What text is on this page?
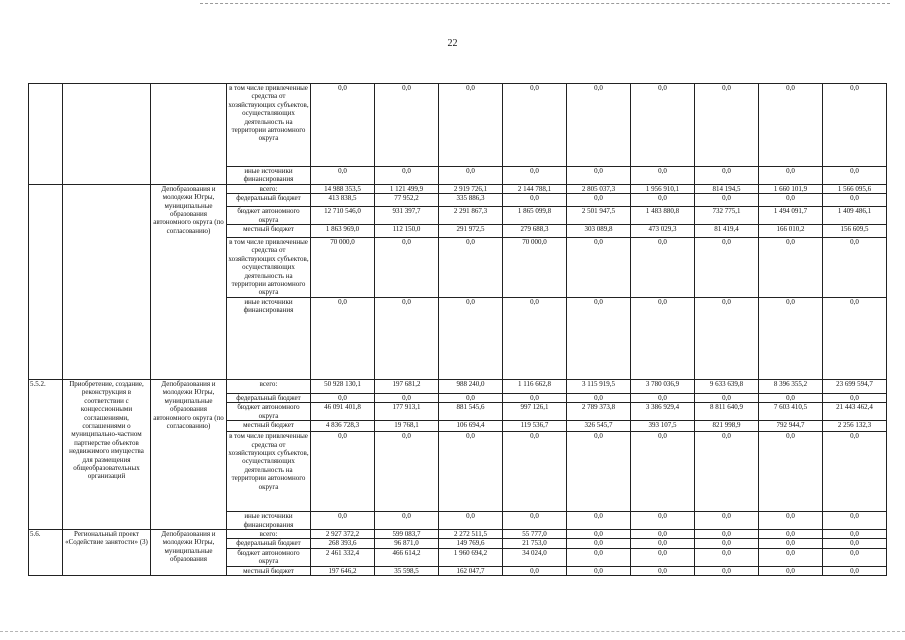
22
			в том числе привлеченные средства от хозяйствующих субъектов, осуществляющих деятельность на территории автономного округа	0,0	0,0	0,0	0,0	0,0	0,0	0,0	0,0	0,0
			иные источники финансирования	0,0	0,0	0,0	0,0	0,0	0,0	0,0	0,0	0,0
		Депобразования и молодежи Югры, муниципальные образования автономного округа (по согласованию)	всего:	14 988 353,5	1 121 499,9	2 919 726,1	2 144 788,1	2 805 037,3	1 956 910,1	814 194,5	1 660 101,9	1 566 095,6
			федеральный бюджет	413 838,5	77 952,2	335 886,3	0,0	0,0	0,0	0,0	0,0	0,0
			бюджет автономного округа	12 710 546,0	931 397,7	2 291 867,3	1 865 099,8	2 501 947,5	1 483 880,8	732 775,1	1 494 091,7	1 409 486,1
			местный бюджет	1 863 969,0	112 150,0	291 972,5	279 688,3	303 089,8	473 029,3	81 419,4	166 010,2	156 609,5
			в том числе привлеченные средства от хозяйствующих субъектов, осуществляющих деятельность на территории автономного округа	70 000,0	0,0	0,0	70 000,0	0,0	0,0	0,0	0,0	0,0
			иные источники финансирования	0,0	0,0	0,0	0,0	0,0	0,0	0,0	0,0	0,0
5.5.2.	Приобретение, создание, реконструкция в соответствии с концессионными соглашениями, соглашениями о муниципально-частном партнерстве объектов недвижимого имущества для размещения общеобразовательных организаций	Депобразования и молодежи Югры, муниципальные образования автономного округа (по согласованию)	всего:	50 928 130,1	197 681,2	988 240,0	1 116 662,8	3 115 919,5	3 780 036,9	9 633 639,8	8 396 355,2	23 699 594,7
			федеральный бюджет	0,0	0,0	0,0	0,0	0,0	0,0	0,0	0,0	0,0
			бюджет автономного округа	46 091 401,8	177 913,1	881 545,6	997 126,1	2 789 373,8	3 386 929,4	8 811 640,9	7 603 410,5	21 443 462,4
			местный бюджет	4 836 728,3	19 768,1	106 694,4	119 536,7	326 545,7	393 107,5	821 998,9	792 944,7	2 256 132,3
			в том числе привлеченные средства от хозяйствующих субъектов, осуществляющих деятельность на территории автономного округа	0,0	0,0	0,0	0,0	0,0	0,0	0,0	0,0	0,0
			иные источники финансирования	0,0	0,0	0,0	0,0	0,0	0,0	0,0	0,0	0,0
5.6.	Региональный проект «Содействие занятости» (3)	Депобразования и молодежи Югры, муниципальные образования	всего:	2 927 372,2	599 083,7	2 272 511,5	55 777,0	0,0	0,0	0,0	0,0	0,0
			федеральный бюджет	268 393,6	96 871,0	149 769,6	21 753,0	0,0	0,0	0,0	0,0	0,0
			бюджет автономного округа	2 461 332,4	466 614,2	1 960 694,2	34 024,0	0,0	0,0	0,0	0,0	0,0
			местный бюджет	197 646,2	35 598,5	162 047,7	0,0	0,0	0,0	0,0	0,0	0,0
